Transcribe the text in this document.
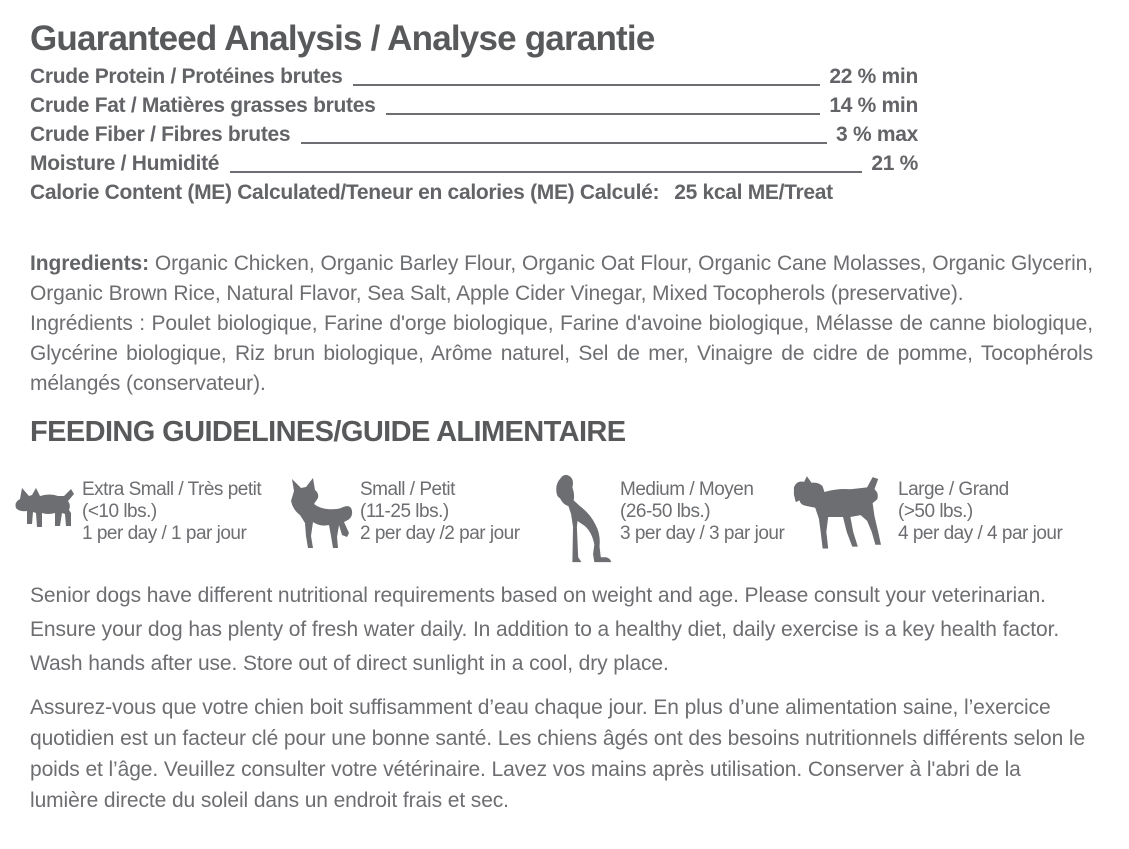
Guaranteed Analysis / Analyse garantie
Crude Protein / Protéines brutes	22 % min
Crude Fat / Matières grasses brutes	14 % min
Crude Fiber / Fibres brutes	3 % max
Moisture / Humidité	21 %
Calorie Content (ME) Calculated/Teneur en calories (ME) Calculé: 25 kcal ME/Treat

Ingredients: Organic Chicken, Organic Barley Flour, Organic Oat Flour, Organic Cane Molasses, Organic Glycerin, Organic Brown Rice, Natural Flavor, Sea Salt, Apple Cider Vinegar, Mixed Tocopherols (preservative).

Ingrédients : Poulet biologique, Farine d'orge biologique, Farine d'avoine biologique, Mélasse de canne biologique, Glycérine biologique, Riz brun biologique, Arôme naturel, Sel de mer, Vinaigre de cidre de pomme, Tocophérols mélangés (conservateur).

FEEDING GUIDELINES/GUIDE ALIMENTAIRE
Extra Small / Très petit
(<10 lbs.)
1 per day / 1 par jour
Small / Petit
(11-25 lbs.)
2 per day /2 par jour
Medium / Moyen
(26-50 lbs.)
3 per day / 3 par jour
Large / Grand
(>50 lbs.)
4 per day / 4 par jour

Senior dogs have different nutritional requirements based on weight and age. Please consult your veterinarian. Ensure your dog has plenty of fresh water daily. In addition to a healthy diet, daily exercise is a key health factor. Wash hands after use. Store out of direct sunlight in a cool, dry place.

Assurez-vous que votre chien boit suffisamment d’eau chaque jour. En plus d’une alimentation saine, l’exercice quotidien est un facteur clé pour une bonne santé. Les chiens âgés ont des besoins nutritionnels différents selon le poids et l’âge. Veuillez consulter votre vétérinaire. Lavez vos mains après utilisation. Conserver à l'abri de la lumière directe du soleil dans un endroit frais et sec.
